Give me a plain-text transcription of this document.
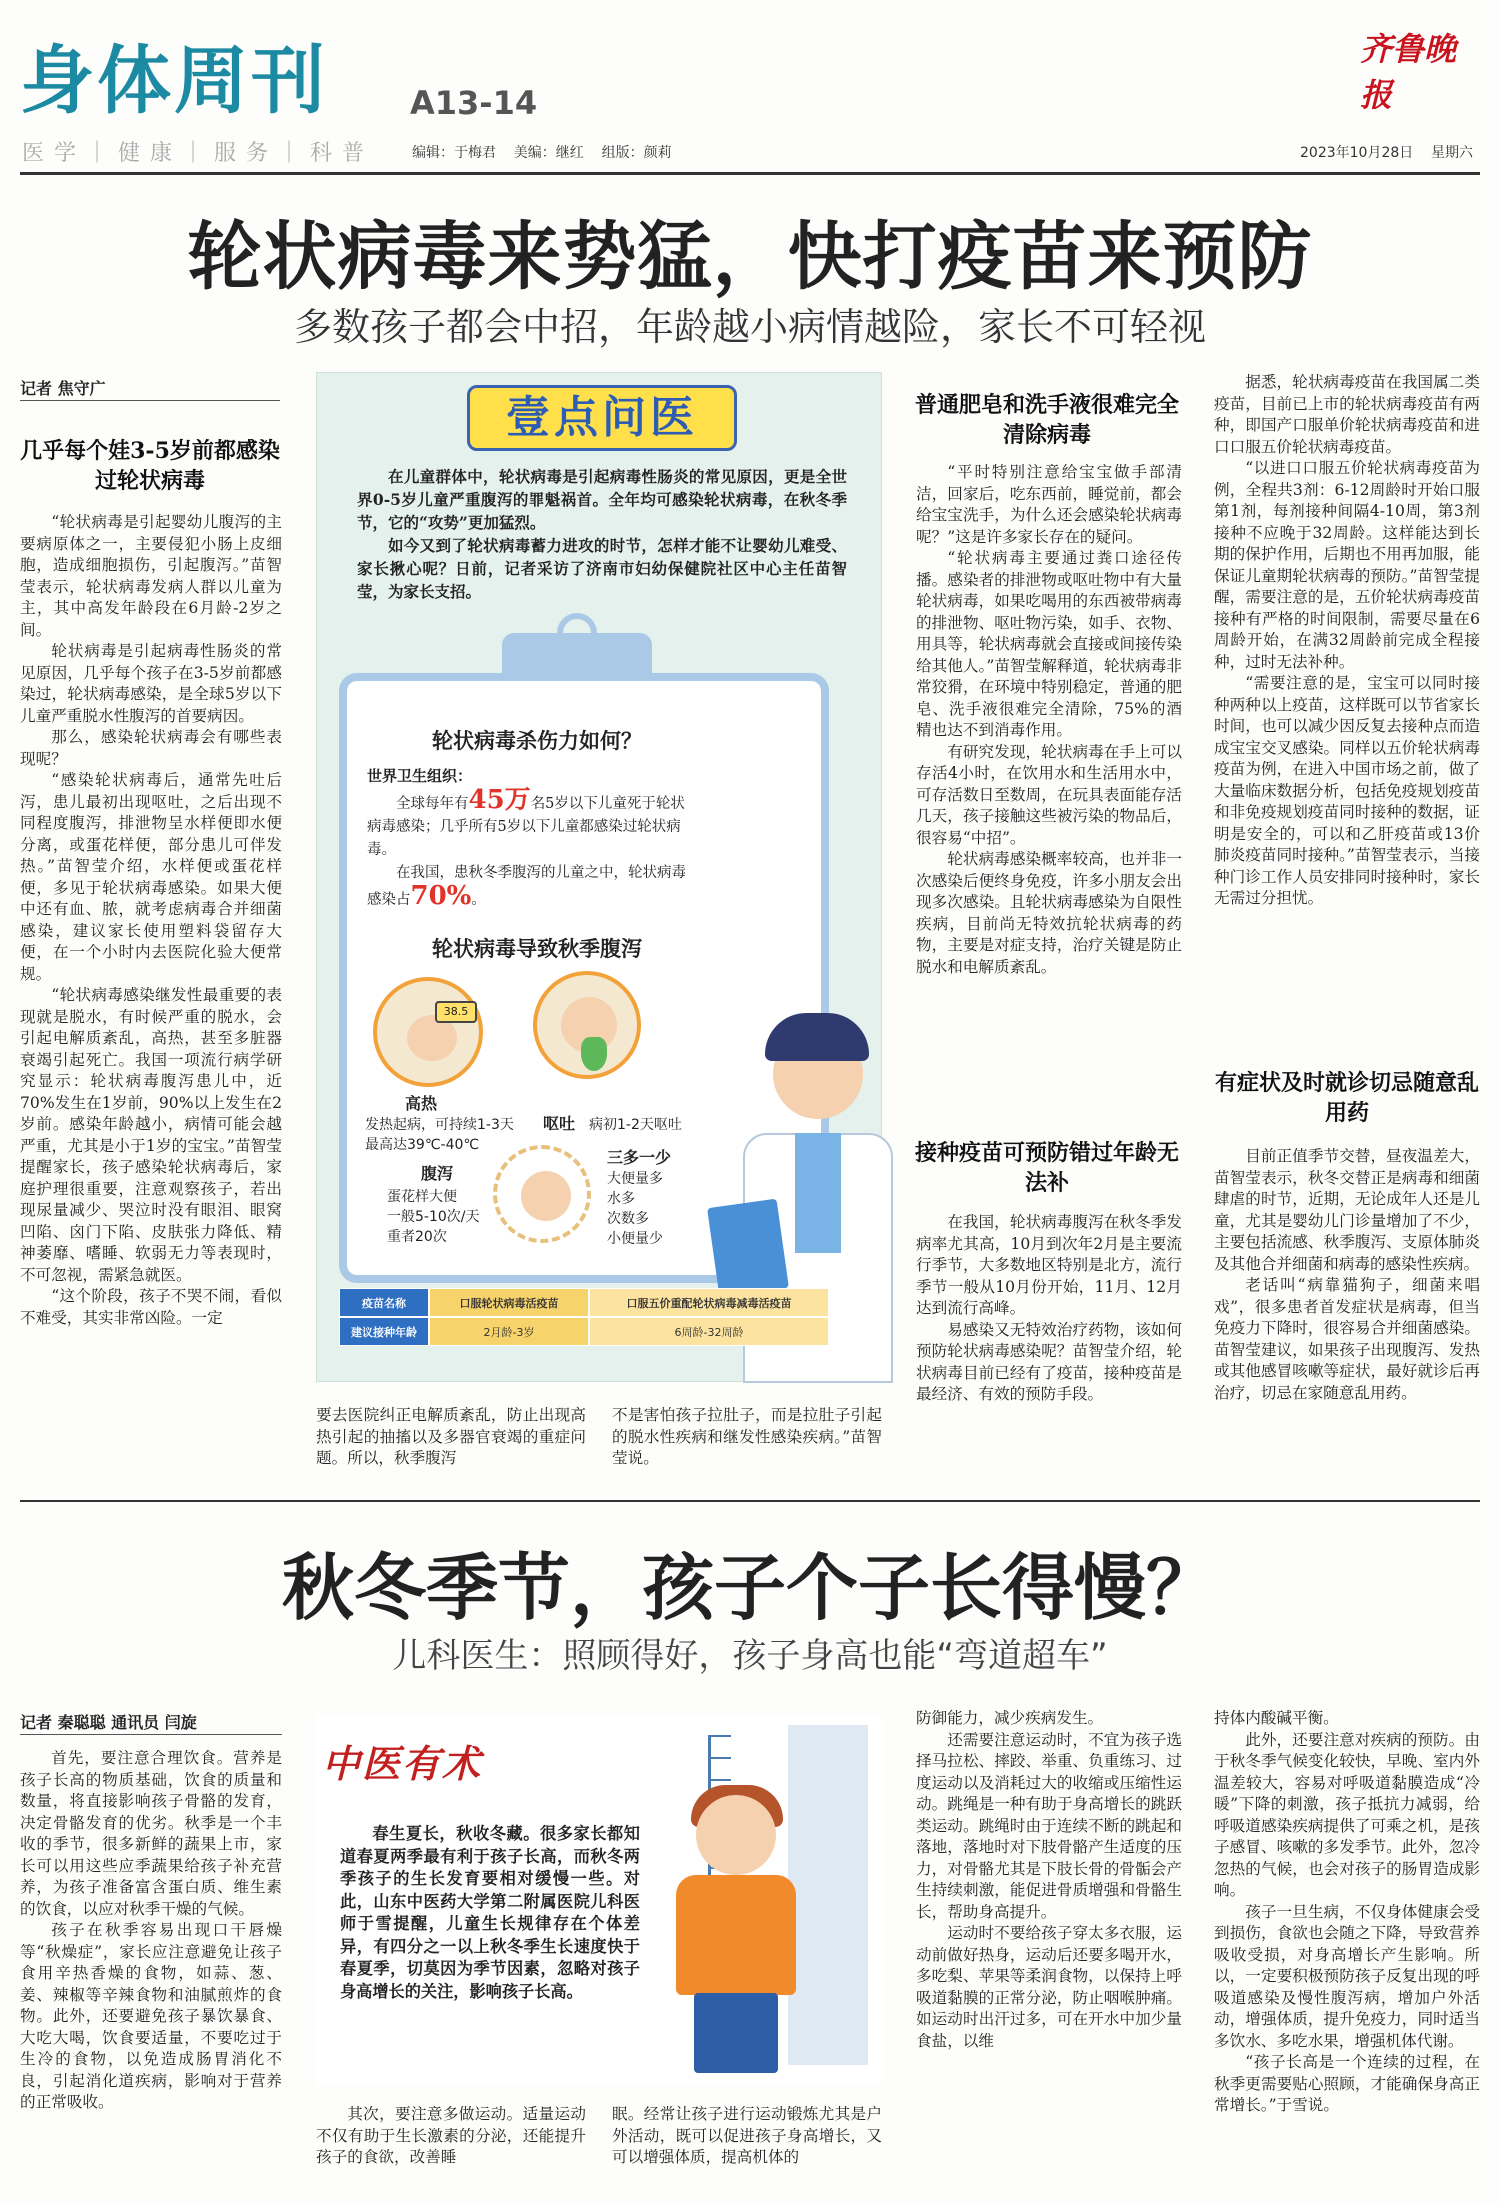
身体周刊	A13-14
医学｜健康｜服务｜科普	编辑：于梅君    美编：继红    组版：颜莉	2023年10月28日    星期六
齐鲁晚报
轮状病毒来势猛，快打疫苗来预防
多数孩子都会中招，年龄越小病情越险，家长不可轻视
记者 焦守广
几乎每个娃3-5岁前都感染过轮状病毒

“轮状病毒是引起婴幼儿腹泻的主要病原体之一，主要侵犯小肠上皮细胞，造成细胞损伤，引起腹泻。”苗智莹表示，轮状病毒发病人群以儿童为主，其中高发年龄段在6月龄-2岁之间。

轮状病毒是引起病毒性肠炎的常见原因，几乎每个孩子在3-5岁前都感染过，轮状病毒感染，是全球5岁以下儿童严重脱水性腹泻的首要病因。

那么，感染轮状病毒会有哪些表现呢？

“感染轮状病毒后，通常先吐后泻，患儿最初出现呕吐，之后出现不同程度腹泻，排泄物呈水样便即水便分离，或蛋花样便，部分患儿可伴发热。”苗智莹介绍，水样便或蛋花样便，多见于轮状病毒感染。如果大便中还有血、脓，就考虑病毒合并细菌感染，建议家长使用塑料袋留存大便，在一个小时内去医院化验大便常规。

“轮状病毒感染继发性最重要的表现就是脱水，有时候严重的脱水，会引起电解质紊乱，高热，甚至多脏器衰竭引起死亡。我国一项流行病学研究显示：轮状病毒腹泻患儿中，近70%发生在1岁前，90%以上发生在2岁前。感染年龄越小，病情可能会越严重，尤其是小于1岁的宝宝。”苗智莹提醒家长，孩子感染轮状病毒后，家庭护理很重要，注意观察孩子，若出现尿量减少、哭泣时没有眼泪、眼窝凹陷、囟门下陷、皮肤张力降低、精神萎靡、嗜睡、软弱无力等表现时，不可忽视，需紧急就医。

“这个阶段，孩子不哭不闹，看似不难受，其实非常凶险。一定

要去医院纠正电解质紊乱，防止出现高热引起的抽搐以及多器官衰竭的重症问题。所以，秋季腹泻

不是害怕孩子拉肚子，而是拉肚子引起的脱水性疾病和继发性感染疾病。”苗智莹说。

壹点问医

在儿童群体中，轮状病毒是引起病毒性肠炎的常见原因，更是全世界0-5岁儿童严重腹泻的罪魁祸首。全年均可感染轮状病毒，在秋冬季节，它的“攻势”更加猛烈。

如今又到了轮状病毒蓄力进攻的时节，怎样才能不让婴幼儿难受、家长揪心呢？日前，记者采访了济南市妇幼保健院社区中心主任苗智莹，为家长支招。

轮状病毒杀伤力如何？
世界卫生组织：

全球每年有45万名5岁以下儿童死于轮状病毒感染；几乎所有5岁以下儿童都感染过轮状病毒。

在我国，患秋冬季腹泻的儿童之中，轮状病毒感染占70%。

轮状病毒导致秋季腹泻
38.5
高热
发热起病，可持续1-3天
最高达39℃-40℃
呕吐 病初1-2天呕吐
腹泻
蛋花样大便
一般5-10次/天
重者20次
三多一少
大便量多
水多
次数多
小便量少
疫苗名称	口服轮状病毒活疫苗	口服五价重配轮状病毒减毒活疫苗
建议接种年龄	2月龄-3岁	6周龄-32周龄
普通肥皂和洗手液很难完全清除病毒

“平时特别注意给宝宝做手部清洁，回家后，吃东西前，睡觉前，都会给宝宝洗手，为什么还会感染轮状病毒呢？”这是许多家长存在的疑问。

“轮状病毒主要通过粪口途径传播。感染者的排泄物或呕吐物中有大量轮状病毒，如果吃喝用的东西被带病毒的排泄物、呕吐物污染，如手、衣物、用具等，轮状病毒就会直接或间接传染给其他人。”苗智莹解释道，轮状病毒非常狡猾，在环境中特别稳定，普通的肥皂、洗手液很难完全清除，75%的酒精也达不到消毒作用。

有研究发现，轮状病毒在手上可以存活4小时，在饮用水和生活用水中，可存活数日至数周，在玩具表面能存活几天，孩子接触这些被污染的物品后，很容易“中招”。

轮状病毒感染概率较高，也并非一次感染后便终身免疫，许多小朋友会出现多次感染。且轮状病毒感染为自限性疾病，目前尚无特效抗轮状病毒的药物，主要是对症支持，治疗关键是防止脱水和电解质紊乱。

接种疫苗可预防错过年龄无法补

在我国，轮状病毒腹泻在秋冬季发病率尤其高，10月到次年2月是主要流行季节，大多数地区特别是北方，流行季节一般从10月份开始，11月、12月达到流行高峰。

易感染又无特效治疗药物，该如何预防轮状病毒感染呢？苗智莹介绍，轮状病毒目前已经有了疫苗，接种疫苗是最经济、有效的预防手段。

据悉，轮状病毒疫苗在我国属二类疫苗，目前已上市的轮状病毒疫苗有两种，即国产口服单价轮状病毒疫苗和进口口服五价轮状病毒疫苗。

“以进口口服五价轮状病毒疫苗为例，全程共3剂：6-12周龄时开始口服第1剂，每剂接种间隔4-10周，第3剂接种不应晚于32周龄。这样能达到长期的保护作用，后期也不用再加服，能保证儿童期轮状病毒的预防。”苗智莹提醒，需要注意的是，五价轮状病毒疫苗接种有严格的时间限制，需要尽量在6周龄开始，在满32周龄前完成全程接种，过时无法补种。

“需要注意的是，宝宝可以同时接种两种以上疫苗，这样既可以节省家长时间，也可以减少因反复去接种点而造成宝宝交叉感染。同样以五价轮状病毒疫苗为例，在进入中国市场之前，做了大量临床数据分析，包括免疫规划疫苗和非免疫规划疫苗同时接种的数据，证明是安全的，可以和乙肝疫苗或13价肺炎疫苗同时接种。”苗智莹表示，当接种门诊工作人员安排同时接种时，家长无需过分担忧。

有症状及时就诊切忌随意乱用药

目前正值季节交替，昼夜温差大，苗智莹表示，秋冬交替正是病毒和细菌肆虐的时节，近期，无论成年人还是儿童，尤其是婴幼儿门诊量增加了不少，主要包括流感、秋季腹泻、支原体肺炎及其他合并细菌和病毒的感染性疾病。

老话叫“病靠猫狗子，细菌来唱戏”，很多患者首发症状是病毒，但当免疫力下降时，很容易合并细菌感染。苗智莹建议，如果孩子出现腹泻、发热或其他感冒咳嗽等症状，最好就诊后再治疗，切忌在家随意乱用药。

秋冬季节，孩子个子长得慢？
儿科医生：照顾得好，孩子身高也能“弯道超车”
记者 秦聪聪 通讯员 闫旋

首先，要注意合理饮食。营养是孩子长高的物质基础，饮食的质量和数量，将直接影响孩子骨骼的发育，决定骨骼发育的优劣。秋季是一个丰收的季节，很多新鲜的蔬果上市，家长可以用这些应季蔬果给孩子补充营养，为孩子准备富含蛋白质、维生素的饮食，以应对秋季干燥的气候。

孩子在秋季容易出现口干唇燥等“秋燥症”，家长应注意避免让孩子食用辛热香燥的食物，如蒜、葱、姜、辣椒等辛辣食物和油腻煎炸的食物。此外，还要避免孩子暴饮暴食、大吃大喝，饮食要适量，不要吃过于生冷的食物，以免造成肠胃消化不良，引起消化道疾病，影响对于营养的正常吸收。

中医有术

春生夏长，秋收冬藏。很多家长都知道春夏两季最有利于孩子长高，而秋冬两季孩子的生长发育要相对缓慢一些。对此，山东中医药大学第二附属医院儿科医师于雪提醒，儿童生长规律存在个体差异，有四分之一以上秋冬季生长速度快于春夏季，切莫因为季节因素，忽略对孩子身高增长的关注，影响孩子长高。

其次，要注意多做运动。适量运动不仅有助于生长激素的分泌，还能提升孩子的食欲，改善睡

眠。经常让孩子进行运动锻炼尤其是户外活动，既可以促进孩子身高增长，又可以增强体质，提高机体的

防御能力，减少疾病发生。

还需要注意运动时，不宜为孩子选择马拉松、摔跤、举重、负重练习、过度运动以及消耗过大的收缩或压缩性运动。跳绳是一种有助于身高增长的跳跃类运动。跳绳时由于连续不断的跳起和落地，落地时对下肢骨骼产生适度的压力，对骨骼尤其是下肢长骨的骨骺会产生持续刺激，能促进骨质增强和骨骼生长，帮助身高提升。

运动时不要给孩子穿太多衣服，运动前做好热身，运动后还要多喝开水，多吃梨、苹果等柔润食物，以保持上呼吸道黏膜的正常分泌，防止咽喉肿痛。如运动时出汗过多，可在开水中加少量食盐，以维

持体内酸碱平衡。

此外，还要注意对疾病的预防。由于秋冬季气候变化较快，早晚、室内外温差较大，容易对呼吸道黏膜造成“冷暖”下降的刺激，孩子抵抗力减弱，给呼吸道感染疾病提供了可乘之机，是孩子感冒、咳嗽的多发季节。此外，忽冷忽热的气候，也会对孩子的肠胃造成影响。

孩子一旦生病，不仅身体健康会受到损伤，食欲也会随之下降，导致营养吸收受损，对身高增长产生影响。所以，一定要积极预防孩子反复出现的呼吸道感染及慢性腹泻病，增加户外活动，增强体质，提升免疫力，同时适当多饮水、多吃水果，增强机体代谢。

“孩子长高是一个连续的过程，在秋季更需要贴心照顾，才能确保身高正常增长。”于雪说。
